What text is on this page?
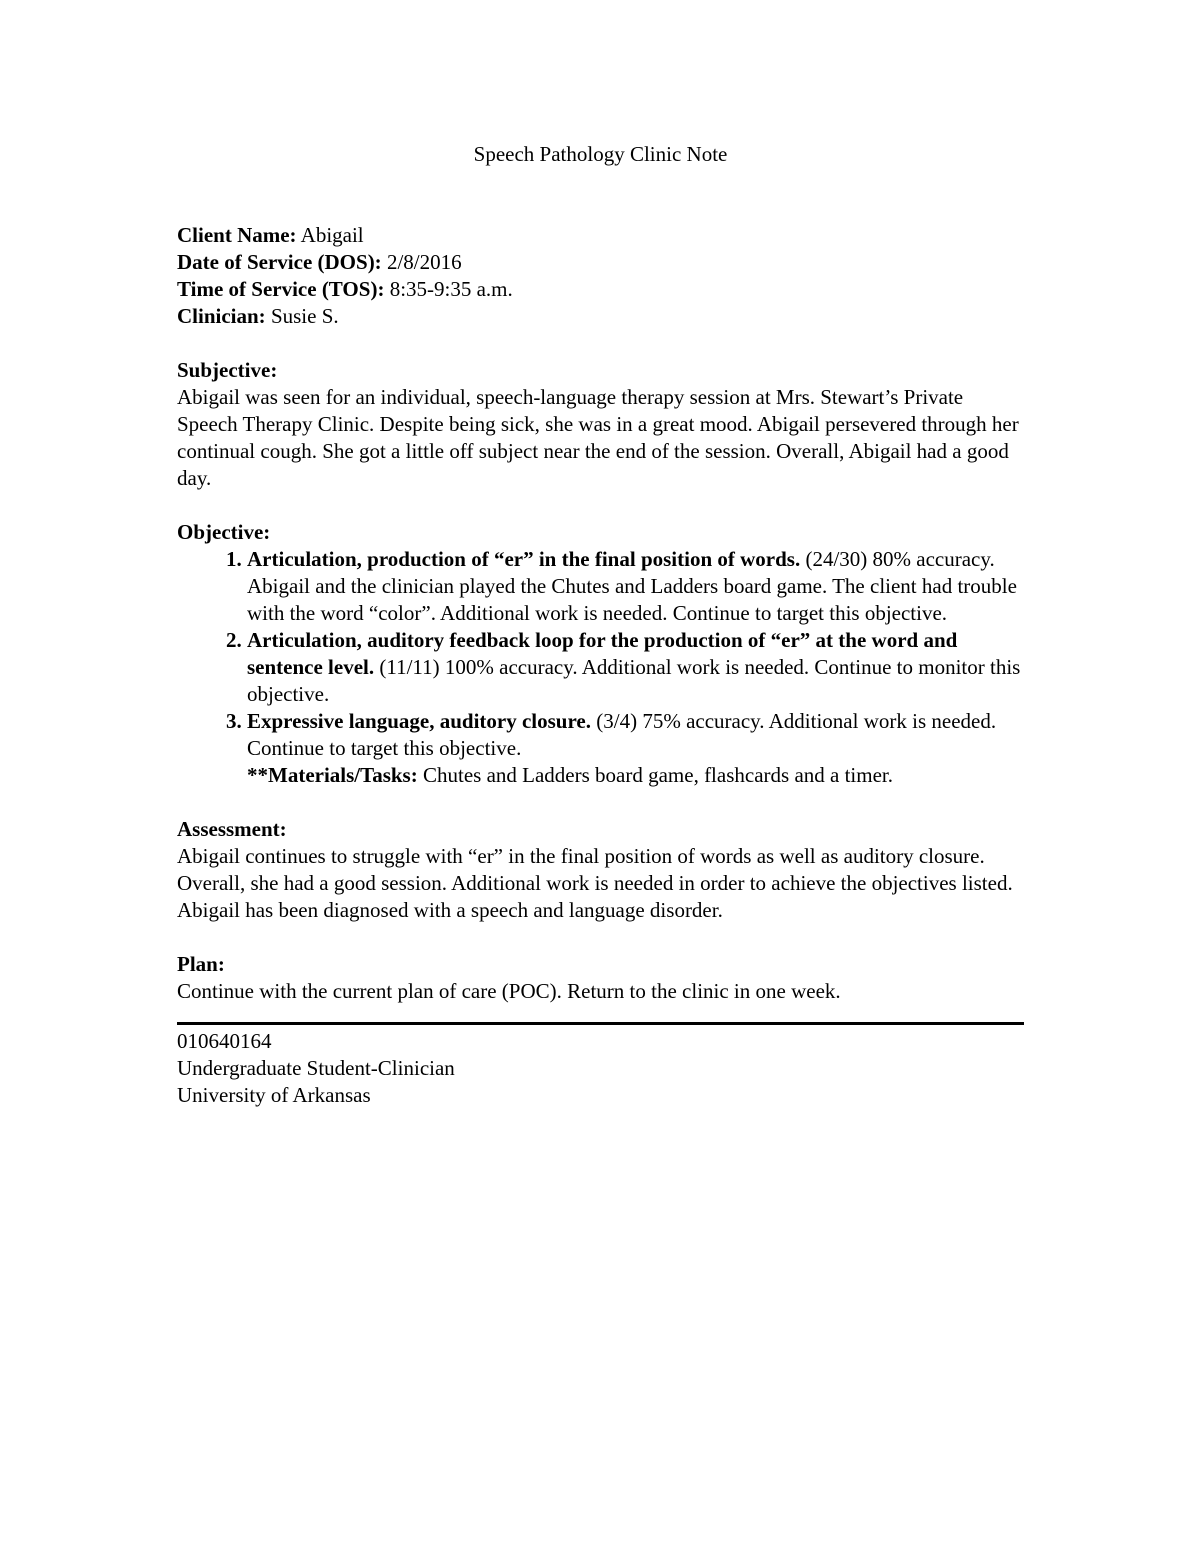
Speech Pathology Clinic Note

Client Name: Abigail

Date of Service (DOS): 2/8/2016

Time of Service (TOS): 8:35-9:35 a.m.

Clinician: Susie S.

Subjective:

Abigail was seen for an individual, speech-language therapy session at Mrs. Stewart’s Private Speech Therapy Clinic. Despite being sick, she was in a great mood. Abigail persevered through her continual cough. She got a little off subject near the end of the session. Overall, Abigail had a good day.

Objective:

1. Articulation, production of “er” in the final position of words. (24/30) 80% accuracy. Abigail and the clinician played the Chutes and Ladders board game. The client had trouble with the word “color”. Additional work is needed. Continue to target this objective.
2. Articulation, auditory feedback loop for the production of “er” at the word and sentence level. (11/11) 100% accuracy. Additional work is needed. Continue to monitor this objective.
3. Expressive language, auditory closure. (3/4) 75% accuracy. Additional work is needed. Continue to target this objective.

**Materials/Tasks: Chutes and Ladders board game, flashcards and a timer.

Assessment:

Abigail continues to struggle with “er” in the final position of words as well as auditory closure. Overall, she had a good session. Additional work is needed in order to achieve the objectives listed. Abigail has been diagnosed with a speech and language disorder.

Plan:

Continue with the current plan of care (POC). Return to the clinic in one week.

010640164

Undergraduate Student-Clinician

University of Arkansas
